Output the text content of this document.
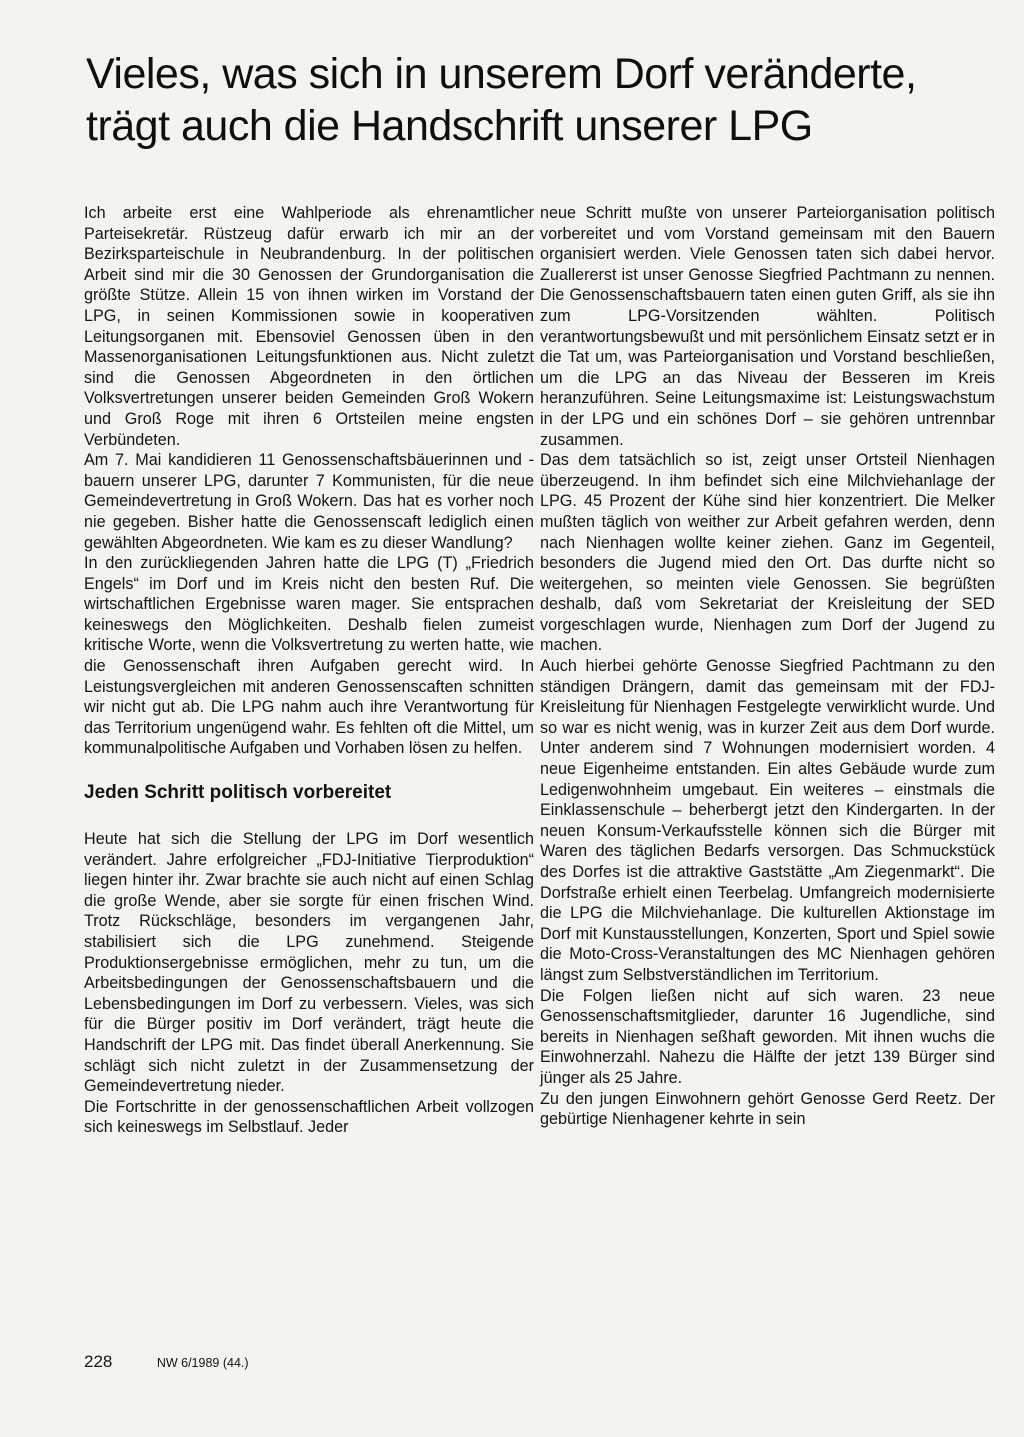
Vieles, was sich in unserem Dorf veränderte,
trägt auch die Handschrift unserer LPG

Ich arbeite erst eine Wahlperiode als ehrenamtlicher Parteisekretär. Rüstzeug dafür erwarb ich mir an der Bezirksparteischule in Neubrandenburg. In der politischen Arbeit sind mir die 30 Genossen der Grundorganisation die größte Stütze. Allein 15 von ihnen wirken im Vorstand der LPG, in seinen Kommissionen sowie in kooperativen Leitungsorganen mit. Ebensoviel Genossen üben in den Massenorganisationen Leitungsfunktionen aus. Nicht zuletzt sind die Genossen Abgeordneten in den örtlichen Volksvertretungen unserer beiden Gemeinden Groß Wokern und Groß Roge mit ihren 6 Ortsteilen meine engsten Verbündeten.

Am 7. Mai kandidieren 11 Genossenschaftsbäuerinnen und -bauern unserer LPG, darunter 7 Kommunisten, für die neue Gemeindevertretung in Groß Wokern. Das hat es vorher noch nie gegeben. Bisher hatte die Genossenscaft lediglich einen gewählten Abgeordneten. Wie kam es zu dieser Wandlung?

In den zurückliegenden Jahren hatte die LPG (T) „Friedrich Engels“ im Dorf und im Kreis nicht den besten Ruf. Die wirtschaftlichen Ergebnisse waren mager. Sie entsprachen keineswegs den Möglichkeiten. Deshalb fielen zumeist kritische Worte, wenn die Volksvertretung zu werten hatte, wie die Genossenschaft ihren Aufgaben gerecht wird. In Leistungsvergleichen mit anderen Genossenscaften schnitten wir nicht gut ab. Die LPG nahm auch ihre Verantwortung für das Territorium ungenügend wahr. Es fehlten oft die Mittel, um kommunalpolitische Aufgaben und Vorhaben lösen zu helfen.

Jeden Schritt politisch vorbereitet

Heute hat sich die Stellung der LPG im Dorf wesentlich verändert. Jahre erfolgreicher „FDJ-Initiative Tierproduktion“ liegen hinter ihr. Zwar brachte sie auch nicht auf einen Schlag die große Wende, aber sie sorgte für einen frischen Wind. Trotz Rückschläge, besonders im vergangenen Jahr, stabilisiert sich die LPG zunehmend. Steigende Produktionsergebnisse ermöglichen, mehr zu tun, um die Arbeitsbedingungen der Genossenschaftsbauern und die Lebensbedingungen im Dorf zu verbessern. Vieles, was sich für die Bürger positiv im Dorf verändert, trägt heute die Handschrift der LPG mit. Das findet überall Anerkennung. Sie schlägt sich nicht zuletzt in der Zusammensetzung der Gemeindevertretung nieder.

Die Fortschritte in der genossenschaftlichen Arbeit vollzogen sich keineswegs im Selbstlauf. Jeder

neue Schritt mußte von unserer Parteiorganisation politisch vorbereitet und vom Vorstand gemeinsam mit den Bauern organisiert werden. Viele Genossen taten sich dabei hervor. Zuallererst ist unser Genosse Siegfried Pachtmann zu nennen. Die Genossenschaftsbauern taten einen guten Griff, als sie ihn zum LPG-Vorsitzenden wählten. Politisch verantwortungsbewußt und mit persönlichem Einsatz setzt er in die Tat um, was Parteiorganisation und Vorstand beschließen, um die LPG an das Niveau der Besseren im Kreis heranzuführen. Seine Leitungsmaxime ist: Leistungswachstum in der LPG und ein schönes Dorf – sie gehören untrennbar zusammen.

Das dem tatsächlich so ist, zeigt unser Ortsteil Nienhagen überzeugend. In ihm befindet sich eine Milchviehanlage der LPG. 45 Prozent der Kühe sind hier konzentriert. Die Melker mußten täglich von weither zur Arbeit gefahren werden, denn nach Nienhagen wollte keiner ziehen. Ganz im Gegenteil, besonders die Jugend mied den Ort. Das durfte nicht so weitergehen, so meinten viele Genossen. Sie begrüßten deshalb, daß vom Sekretariat der Kreisleitung der SED vorgeschlagen wurde, Nienhagen zum Dorf der Jugend zu machen.

Auch hierbei gehörte Genosse Siegfried Pachtmann zu den ständigen Drängern, damit das gemeinsam mit der FDJ-Kreisleitung für Nienhagen Festgelegte verwirklicht wurde. Und so war es nicht wenig, was in kurzer Zeit aus dem Dorf wurde. Unter anderem sind 7 Wohnungen modernisiert worden. 4 neue Eigenheime entstanden. Ein altes Gebäude wurde zum Ledigenwohnheim umgebaut. Ein weiteres – einstmals die Einklassenschule – beherbergt jetzt den Kindergarten. In der neuen Konsum-Verkaufsstelle können sich die Bürger mit Waren des täglichen Bedarfs versorgen. Das Schmuckstück des Dorfes ist die attraktive Gaststätte „Am Ziegenmarkt“. Die Dorfstraße erhielt einen Teerbelag. Umfangreich modernisierte die LPG die Milchviehanlage. Die kulturellen Aktionstage im Dorf mit Kunstausstellungen, Konzerten, Sport und Spiel sowie die Moto-Cross-Veranstaltungen des MC Nienhagen gehören längst zum Selbstverständlichen im Territorium.

Die Folgen ließen nicht auf sich waren. 23 neue Genossenschaftsmitglieder, darunter 16 Jugendliche, sind bereits in Nienhagen seßhaft geworden. Mit ihnen wuchs die Einwohnerzahl. Nahezu die Hälfte der jetzt 139 Bürger sind jünger als 25 Jahre.

Zu den jungen Einwohnern gehört Genosse Gerd Reetz. Der gebürtige Nienhagener kehrte in sein

228	NW 6/1989 (44.)
